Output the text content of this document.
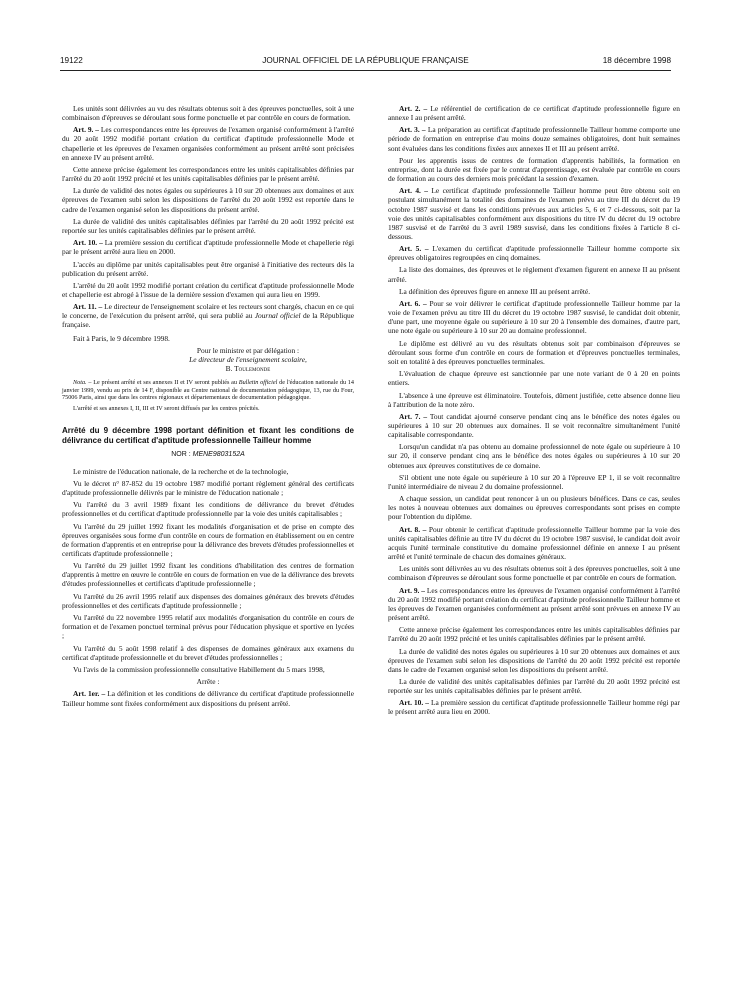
19122	JOURNAL OFFICIEL DE LA RÉPUBLIQUE FRANÇAISE	18 décembre 1998

Les unités sont délivrées au vu des résultats obtenus soit à des épreuves ponctuelles, soit à une combinaison d'épreuves se déroulant sous forme ponctuelle et par contrôle en cours de formation.

Art. 9. – Les correspondances entre les épreuves de l'examen organisé conformément à l'arrêté du 20 août 1992 modifié portant création du certificat d'aptitude professionnelle Mode et chapellerie et les épreuves de l'examen organisées conformément au présent arrêté sont précisées en annexe IV au présent arrêté.

Cette annexe précise également les correspondances entre les unités capitalisables définies par l'arrêté du 20 août 1992 précité et les unités capitalisables définies par le présent arrêté.

La durée de validité des notes égales ou supérieures à 10 sur 20 obtenues aux domaines et aux épreuves de l'examen subi selon les dispositions de l'arrêté du 20 août 1992 est reportée dans le cadre de l'examen organisé selon les dispositions du présent arrêté.

La durée de validité des unités capitalisables définies par l'arrêté du 20 août 1992 précité est reportée sur les unités capitalisables définies par le présent arrêté.

Art. 10. – La première session du certificat d'aptitude professionnelle Mode et chapellerie régi par le présent arrêté aura lieu en 2000.

L'accès au diplôme par unités capitalisables peut être organisé à l'initiative des recteurs dès la publication du présent arrêté.

L'arrêté du 20 août 1992 modifié portant création du certificat d'aptitude professionnelle Mode et chapellerie est abrogé à l'issue de la dernière session d'examen qui aura lieu en 1999.

Art. 11. – Le directeur de l'enseignement scolaire et les recteurs sont chargés, chacun en ce qui le concerne, de l'exécution du présent arrêté, qui sera publié au Journal officiel de la République française.

Fait à Paris, le 9 décembre 1998.

Pour le ministre et par délégation :

Le directeur de l'enseignement scolaire,

B. Toulemonde

Nota. – Le présent arrêté et ses annexes II et IV seront publiés au Bulletin officiel de l'éducation nationale du 14 janvier 1999, vendu au prix de 14 F, disponible au Centre national de documentation pédagogique, 13, rue du Four, 75006 Paris, ainsi que dans les centres régionaux et départementaux de documentation pédagogique.

L'arrêté et ses annexes I, II, III et IV seront diffusés par les centres précités.

Arrêté du 9 décembre 1998 portant définition et fixant les conditions de délivrance du certificat d'aptitude professionnelle Tailleur homme

NOR : MENE9803152A

Le ministre de l'éducation nationale, de la recherche et de la technologie,

Vu le décret n° 87-852 du 19 octobre 1987 modifié portant règlement général des certificats d'aptitude professionnelle délivrés par le ministre de l'éducation nationale ;

Vu l'arrêté du 3 avril 1989 fixant les conditions de délivrance du brevet d'études professionnelles et du certificat d'aptitude professionnelle par la voie des unités capitalisables ;

Vu l'arrêté du 29 juillet 1992 fixant les modalités d'organisation et de prise en compte des épreuves organisées sous forme d'un contrôle en cours de formation en établissement ou en centre de formation d'apprentis et en entreprise pour la délivrance des brevets d'études professionnelles et certificats d'aptitude professionnelle ;

Vu l'arrêté du 29 juillet 1992 fixant les conditions d'habilitation des centres de formation d'apprentis à mettre en œuvre le contrôle en cours de formation en vue de la délivrance des brevets d'études professionnelles et certificats d'aptitude professionnelle ;

Vu l'arrêté du 26 avril 1995 relatif aux dispenses des domaines généraux des brevets d'études professionnelles et des certificats d'aptitude professionnelle ;

Vu l'arrêté du 22 novembre 1995 relatif aux modalités d'organisation du contrôle en cours de formation et de l'examen ponctuel terminal prévus pour l'éducation physique et sportive en lycées ;

Vu l'arrêté du 5 août 1998 relatif à des dispenses de domaines généraux aux examens du certificat d'aptitude professionnelle et du brevet d'études professionnelles ;

Vu l'avis de la commission professionnelle consultative Habillement du 5 mars 1998,

Arrête :

Art. 1er. – La définition et les conditions de délivrance du certificat d'aptitude professionnelle Tailleur homme sont fixées conformément aux dispositions du présent arrêté.

Art. 2. – Le référentiel de certification de ce certificat d'aptitude professionnelle figure en annexe I au présent arrêté.

Art. 3. – La préparation au certificat d'aptitude professionnelle Tailleur homme comporte une période de formation en entreprise d'au moins douze semaines obligatoires, dont huit semaines sont évaluées dans les conditions fixées aux annexes II et III au présent arrêté.

Pour les apprentis issus de centres de formation d'apprentis habilités, la formation en entreprise, dont la durée est fixée par le contrat d'apprentissage, est évaluée par contrôle en cours de formation au cours des derniers mois précédant la session d'examen.

Art. 4. – Le certificat d'aptitude professionnelle Tailleur homme peut être obtenu soit en postulant simultanément la totalité des domaines de l'examen prévu au titre III du décret du 19 octobre 1987 susvisé et dans les conditions prévues aux articles 5, 6 et 7 ci-dessous, soit par la voie des unités capitalisables conformément aux dispositions du titre IV du décret du 19 octobre 1987 susvisé et de l'arrêté du 3 avril 1989 susvisé, dans les conditions fixées à l'article 8 ci-dessous.

Art. 5. – L'examen du certificat d'aptitude professionnelle Tailleur homme comporte six épreuves obligatoires regroupées en cinq domaines.

La liste des domaines, des épreuves et le règlement d'examen figurent en annexe II au présent arrêté.

La définition des épreuves figure en annexe III au présent arrêté.

Art. 6. – Pour se voir délivrer le certificat d'aptitude professionnelle Tailleur homme par la voie de l'examen prévu au titre III du décret du 19 octobre 1987 susvisé, le candidat doit obtenir, d'une part, une moyenne égale ou supérieure à 10 sur 20 à l'ensemble des domaines, d'autre part, une note égale ou supérieure à 10 sur 20 au domaine professionnel.

Le diplôme est délivré au vu des résultats obtenus soit par combinaison d'épreuves se déroulant sous forme d'un contrôle en cours de formation et d'épreuves ponctuelles terminales, soit en totalité à des épreuves ponctuelles terminales.

L'évaluation de chaque épreuve est sanctionnée par une note variant de 0 à 20 en points entiers.

L'absence à une épreuve est éliminatoire. Toutefois, dûment justifiée, cette absence donne lieu à l'attribution de la note zéro.

Art. 7. – Tout candidat ajourné conserve pendant cinq ans le bénéfice des notes égales ou supérieures à 10 sur 20 obtenues aux domaines. Il se voit reconnaître simultanément l'unité capitalisable correspondante.

Lorsqu'un candidat n'a pas obtenu au domaine professionnel de note égale ou supérieure à 10 sur 20, il conserve pendant cinq ans le bénéfice des notes égales ou supérieures à 10 sur 20 obtenues aux épreuves constitutives de ce domaine.

S'il obtient une note égale ou supérieure à 10 sur 20 à l'épreuve EP 1, il se voit reconnaître l'unité intermédiaire de niveau 2 du domaine professionnel.

A chaque session, un candidat peut renoncer à un ou plusieurs bénéfices. Dans ce cas, seules les notes à nouveau obtenues aux domaines ou épreuves correspondants sont prises en compte pour l'obtention du diplôme.

Art. 8. – Pour obtenir le certificat d'aptitude professionnelle Tailleur homme par la voie des unités capitalisables définie au titre IV du décret du 19 octobre 1987 susvisé, le candidat doit avoir acquis l'unité terminale constitutive du domaine professionnel définie en annexe I au présent arrêté et l'unité terminale de chacun des domaines généraux.

Les unités sont délivrées au vu des résultats obtenus soit à des épreuves ponctuelles, soit à une combinaison d'épreuves se déroulant sous forme ponctuelle et par contrôle en cours de formation.

Art. 9. – Les correspondances entre les épreuves de l'examen organisé conformément à l'arrêté du 20 août 1992 modifié portant création du certificat d'aptitude professionnelle Tailleur homme et les épreuves de l'examen organisées conformément au présent arrêté sont prévues en annexe IV au présent arrêté.

Cette annexe précise également les correspondances entre les unités capitalisables définies par l'arrêté du 20 août 1992 précité et les unités capitalisables définies par le présent arrêté.

La durée de validité des notes égales ou supérieures à 10 sur 20 obtenues aux domaines et aux épreuves de l'examen subi selon les dispositions de l'arrêté du 20 août 1992 précité est reportée dans le cadre de l'examen organisé selon les dispositions du présent arrêté.

La durée de validité des unités capitalisables définies par l'arrêté du 20 août 1992 précité est reportée sur les unités capitalisables définies par le présent arrêté.

Art. 10. – La première session du certificat d'aptitude professionnelle Tailleur homme régi par le présent arrêté aura lieu en 2000.
